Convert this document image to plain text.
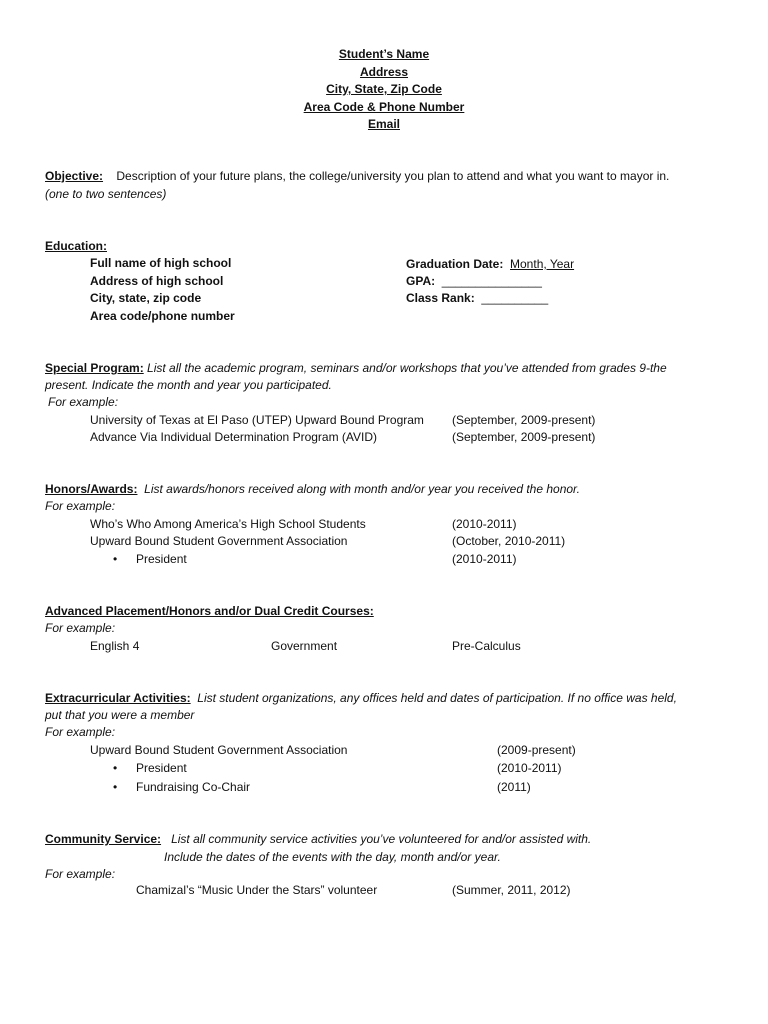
Student’s Name
Address
City, State, Zip Code
Area Code & Phone Number
Email
Objective: Description of your future plans, the college/university you plan to attend and what you want to mayor in.
(one to two sentences)
Education:
Full name of high school
Address of high school
City, state, zip code
Area code/phone number
Graduation Date: Month, Year
GPA: _______________
Class Rank: __________
Special Program: List all the academic program, seminars and/or workshops that you’ve attended from grades 9-the
present. Indicate the month and year you participated.
For example:
University of Texas at El Paso (UTEP) Upward Bound Program (September, 2009-present)
Advance Via Individual Determination Program (AVID)	(September, 2009-present)
Honors/Awards: List awards/honors received along with month and/or year you received the honor.
For example:
Who’s Who Among America’s High School Students	(2010-2011)
Upward Bound Student Government Association	(October, 2010-2011)
• President	(2010-2011)
Advanced Placement/Honors and/or Dual Credit Courses:
For example:
English 4	Government	Pre-Calculus
Extracurricular Activities: List student organizations, any offices held and dates of participation. If no office was held,
put that you were a member
For example:
Upward Bound Student Government Association	(2009-present)
• President	(2010-2011)
• Fundraising Co-Chair	(2011)
Community Service: List all community service activities you’ve volunteered for and/or assisted with.
Include the dates of the events with the day, month and/or year.
For example:
Chamizal’s “Music Under the Stars” volunteer	(Summer, 2011, 2012)
